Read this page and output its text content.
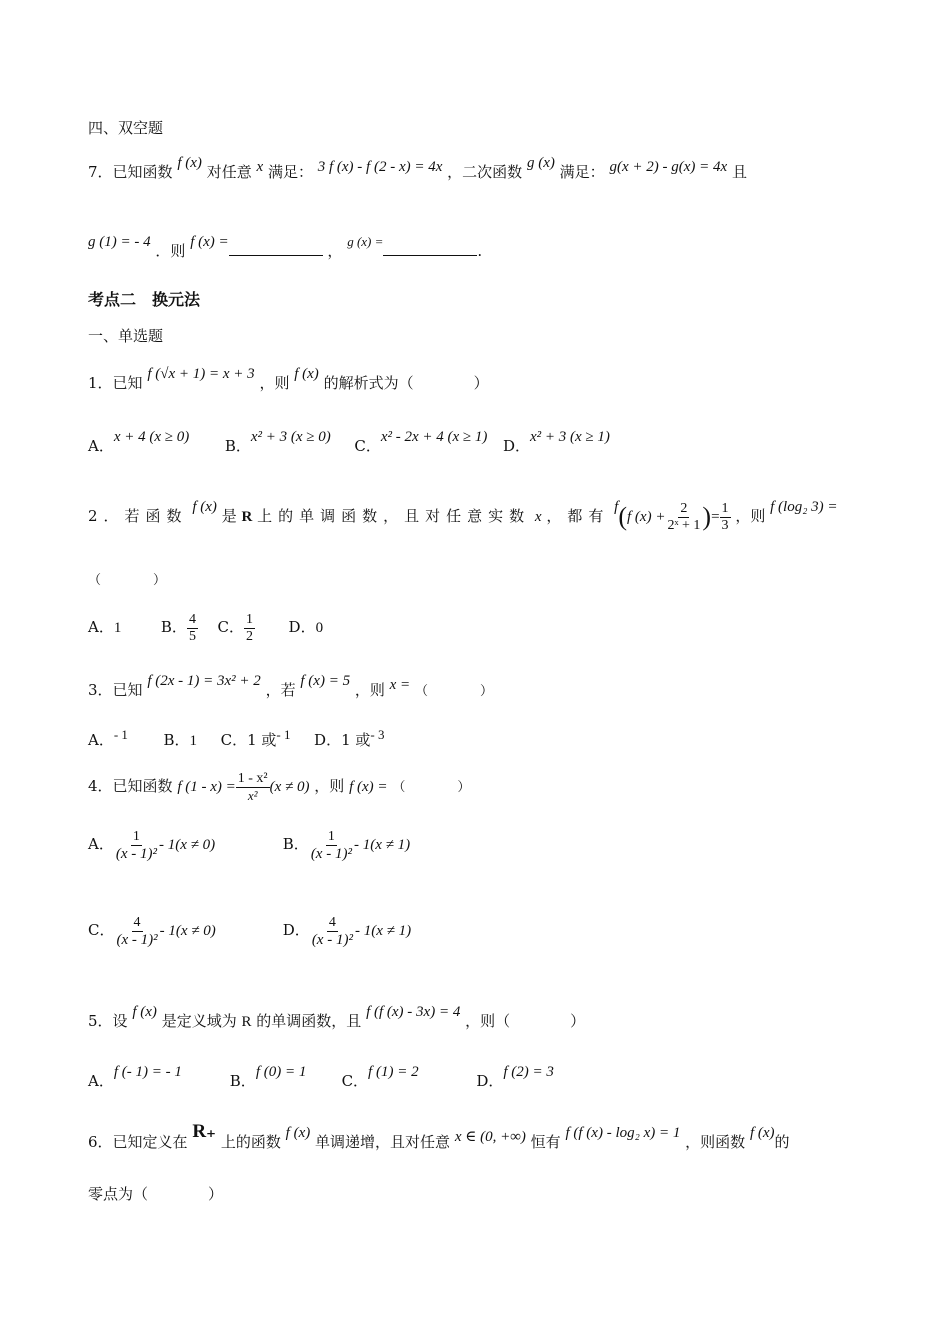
四、双空题
7．已知函数 f (x) 对任意 x 满足： 3 f (x) - f (2 - x) = 4x ，二次函数 g (x) 满足： g(x + 2) - g(x) = 4x 且
g (1) = - 4 ．则 f (x) =	， g (x) =.
考点二　换元法
一、单选题
1．已知 f (√x + 1) = x + 3 ，则 f (x) 的解析式为（　　　　）
A．x + 4 (x ≥ 0) B．x² + 3 (x ≥ 0) C．x² - 2x + 4 (x ≥ 1) D．x² + 3 (x ≥ 1)
2．若函数 f (x) 是 R 上的单调函数，且对任意实数 x ，都有 f(f $(x) + \frac{2}{\text{2ˣ + 1}}$ )= $\frac{1}{3}$ ，则 f (log₂ 3) =
（　　　　）
A．1	B． $\frac{4}{5}$ C． $\frac{1}{2}$ D．0
3．已知 f (2x - 1) = 3x² + 2 ，若 f (x) = 5 ，则 x = （　　　　）
A．- 1 B．1 C．1 或- 1 D．1 或- 3
4．已知函数 f $(1 - x) = \frac{\text{1 - x²}}{\text{x²}} (x \ne 0)$ ，则 f (x) = （　　　　）
A． $\frac{1}{\text{(x - 1)²}} - 1(x \ne 0)$	B． $\frac{1}{\text{(x - 1)²}} - 1(x \ne 1)$
C． $\frac{4}{\text{(x - 1)²}} - 1(x \ne 0)$	D． $\frac{4}{\text{(x - 1)²}} - 1(x \ne 1)$
5．设 f (x) 是定义域为 R 的单调函数，且 f (f (x) - 3x) = 4 ，则（　　　　）
A．f (- 1) = - 1	B．f (0) = 1 C．f (1) = 2	D．f (2) = 3
6．已知定义在 R₊ 上的函数 f (x) 单调递增，且对任意 x ∈ (0, +∞) 恒有 f (f (x) - log₂ x) = 1 ，则函数 f (x)的
零点为（　　　　）
